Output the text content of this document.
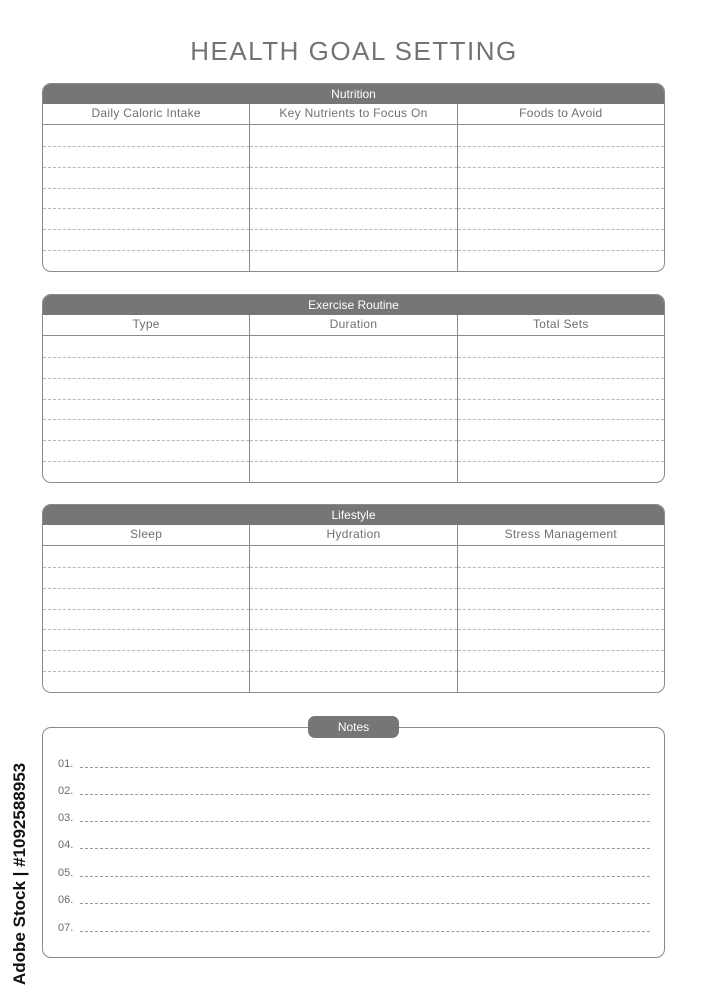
HEALTH GOAL SETTING
Nutrition
Daily Caloric Intake	Key Nutrients to Focus On	Foods to Avoid
Exercise Routine
Type	Duration	Total Sets
Lifestyle
Sleep	Hydration	Stress Management
Notes
01.
02.
03.
04.
05.
06.
07.
Adobe Stock | #1092588953
